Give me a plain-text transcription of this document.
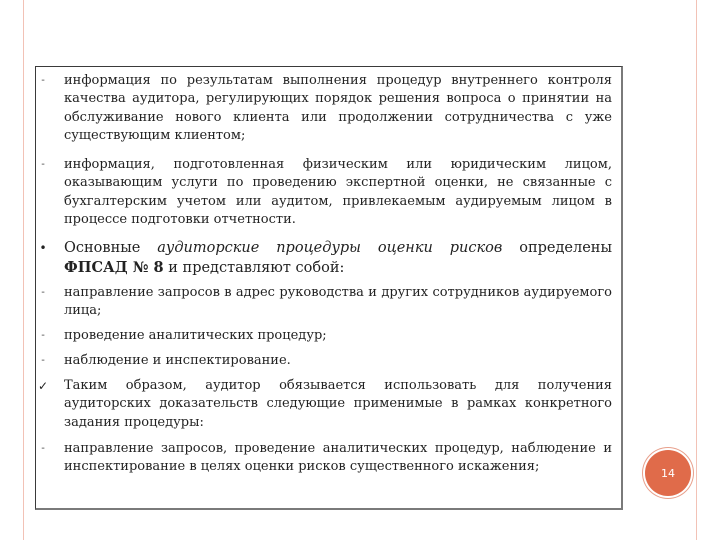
-	информация по результатам выполнения процедур внутреннего контроля качества аудитора, регулирующих порядок решения вопроса о принятии на обслуживание нового клиента или продолжении сотрудничества с уже существующим клиентом;
-	информация, подготовленная физическим или юридическим лицом, оказывающим услуги по проведению экспертной оценки, не связанные с бухгалтерским учетом или аудитом, привлекаемым аудируемым лицом в процессе подготовки отчетности.
• Основные аудиторские процедуры оценки рисков определены ФПСАД № 8 и представляют собой:
-	направление запросов в адрес руководства и других сотрудников аудируемого лица;
-	проведение аналитических процедур;
-	наблюдение и инспектирование.
✓ Таким образом, аудитор обязывается использовать для получения аудиторских доказательств следующие применимые в рамках конкретного задания процедуры:
-	направление запросов, проведение аналитических процедур, наблюдение и инспектирование в целях оценки рисков существенного искажения;	14
